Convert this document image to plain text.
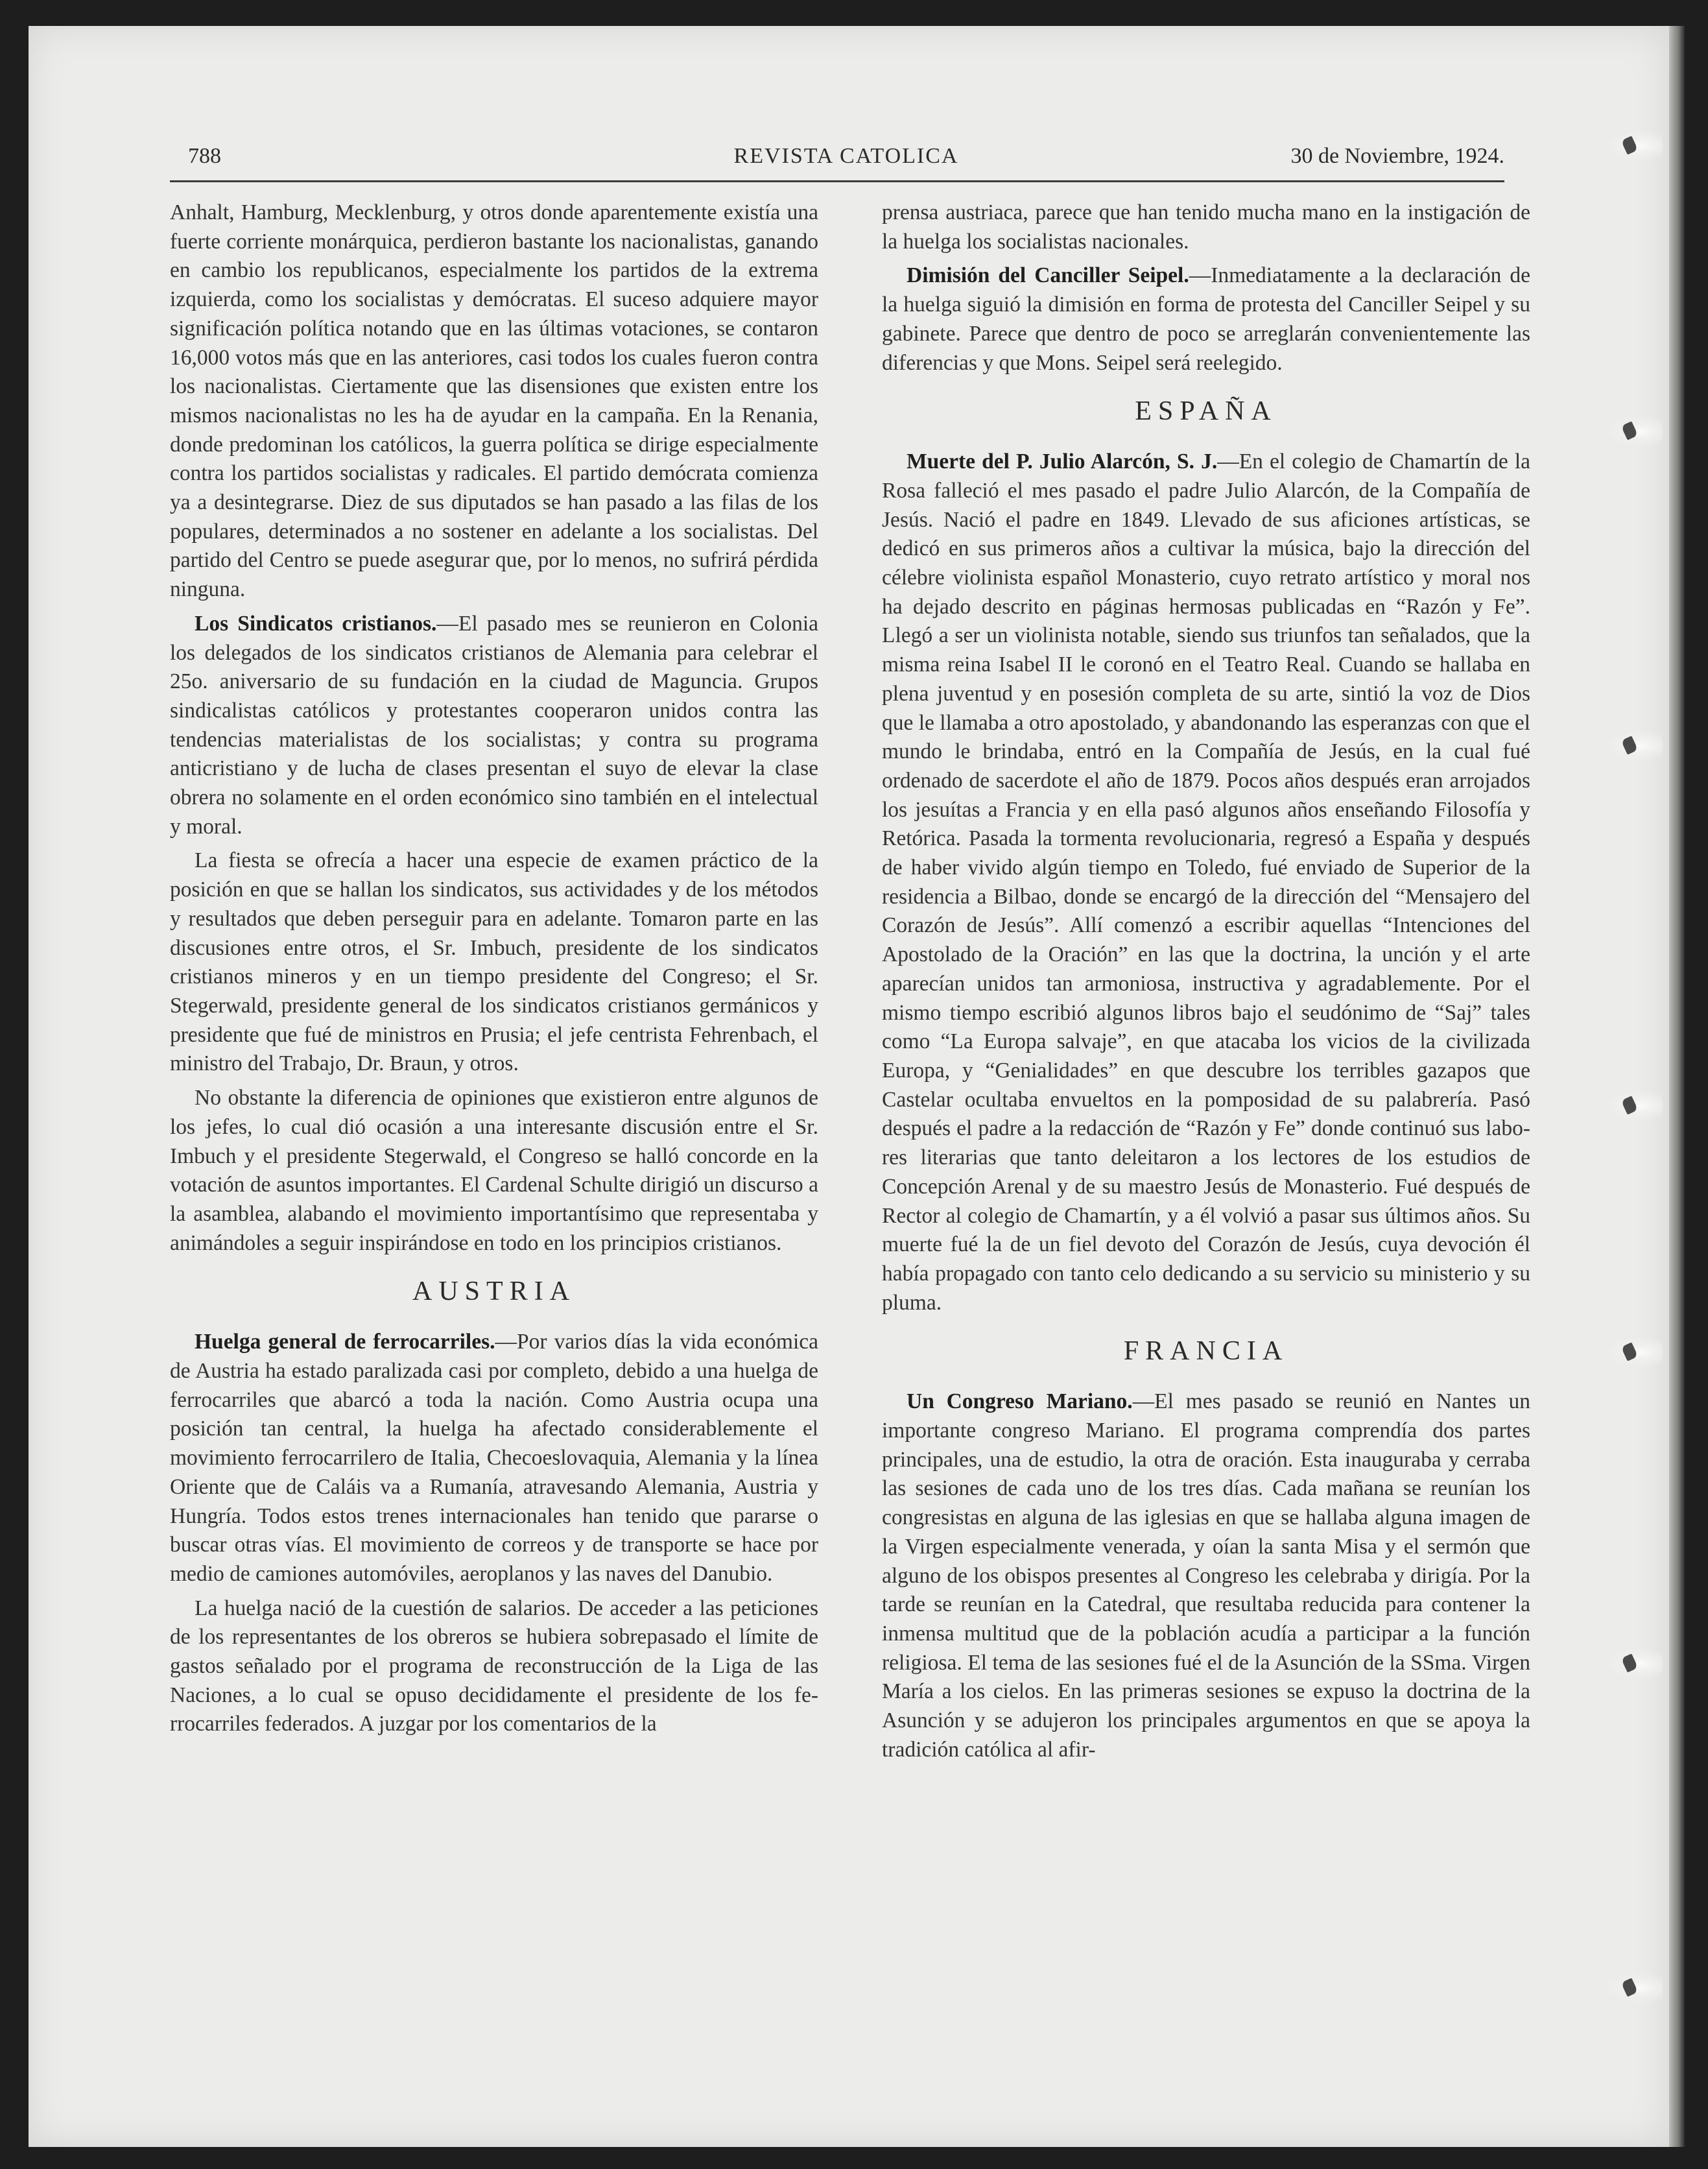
788	REVISTA CATOLICA	30 de Noviembre, 1924.

Anhalt, Hamburg, Mecklenburg, y otros donde aparentemente existía una fuerte corriente monárquica, perdieron bastante los nacionalistas, ganando en cambio los republicanos, especialmente los partidos de la extrema izquierda, como los socialistas y demócratas. El suceso adquiere mayor significación política notando que en las últimas votaciones, se contaron 16,000 votos más que en las anteriores, casi todos los cuales fueron contra los nacionalistas. Ciertamente que las disensiones que existen entre los mismos nacionalistas no les ha de ayudar en la campaña. En la Renania, donde predominan los católicos, la guerra política se dirige especialmente contra los partidos socialistas y radicales. El partido demócrata comienza ya a desintegrarse. Diez de sus diputados se han pasado a las filas de los populares, determinados a no sostener en adelante a los socialistas. Del partido del Centro se puede asegurar que, por lo menos, no sufrirá pérdida ninguna.

Los Sindicatos cristianos.—El pasado mes se reunieron en Colonia los delegados de los sindicatos cristianos de Alemania para celebrar el 25o. aniversario de su fundación en la ciudad de Maguncia. Grupos sindicalistas católicos y protestantes cooperaron unidos contra las tendencias materialistas de los socialistas; y contra su programa anticristiano y de lucha de clases presentan el suyo de elevar la clase obrera no solamente en el orden económico sino también en el intelectual y moral.

La fiesta se ofrecía a hacer una especie de examen práctico de la posición en que se hallan los sindicatos, sus actividades y de los métodos y resultados que deben perseguir para en adelante. Tomaron parte en las discusiones entre otros, el Sr. Imbuch, presidente de los sindicatos cristianos mineros y en un tiempo presidente del Congreso; el Sr. Stegerwald, presidente general de los sindicatos cristianos germánicos y presidente que fué de ministros en Prusia; el jefe centrista Fehrenbach, el ministro del Trabajo, Dr. Braun, y otros.

No obstante la diferencia de opiniones que existieron entre algunos de los jefes, lo cual dió ocasión a una interesante discusión entre el Sr. Imbuch y el presidente Stegerwald, el Congreso se halló concorde en la votación de asuntos importantes. El Cardenal Schulte dirigió un discurso a la asamblea, alabando el movimiento importantísimo que representaba y animándoles a seguir inspirándose en todo en los principios cristianos.

AUSTRIA

Huelga general de ferrocarriles.—Por varios días la vida económica de Austria ha estado paralizada casi por completo, debido a una huelga de ferrocarriles que abarcó a toda la nación. Como Austria ocupa una posición tan central, la huelga ha afectado considerablemente el movimiento ferrocarrilero de Italia, Checoeslovaquia, Alemania y la línea Oriente que de Caláis va a Rumanía, atravesando Alemania, Austria y Hungría. Todos estos trenes internacionales han tenido que pararse o buscar otras vías. El movimiento de correos y de transporte se hace por medio de camiones automóviles, aeroplanos y las naves del Danubio.

La huelga nació de la cuestión de salarios. De acceder a las peticiones de los representantes de los obreros se hubiera sobrepasado el límite de gastos señalado por el programa de reconstrucción de la Liga de las Naciones, a lo cual se opuso decididamente el presidente de los ferrocarriles federados. A juzgar por los comentarios de la

prensa austriaca, parece que han tenido mucha mano en la instigación de la huelga los socialistas nacionales.

Dimisión del Canciller Seipel.—Inmediatamente a la declaración de la huelga siguió la dimisión en forma de protesta del Canciller Seipel y su gabinete. Parece que dentro de poco se arreglarán convenientemente las diferencias y que Mons. Seipel será reelegido.

ESPAÑA

Muerte del P. Julio Alarcón, S. J.—En el colegio de Chamartín de la Rosa falleció el mes pasado el padre Julio Alarcón, de la Compañía de Jesús. Nació el padre en 1849. Llevado de sus aficiones artísticas, se dedicó en sus primeros años a cultivar la música, bajo la dirección del célebre violinista español Monasterio, cuyo retrato artístico y moral nos ha dejado descrito en páginas hermosas publicadas en “Razón y Fe”. Llegó a ser un violinista notable, siendo sus triunfos tan señalados, que la misma reina Isabel II le coronó en el Teatro Real. Cuando se hallaba en plena juventud y en posesión completa de su arte, sintió la voz de Dios que le llamaba a otro apostolado, y abandonando las esperanzas con que el mundo le brindaba, entró en la Compañía de Jesús, en la cual fué ordenado de sacerdote el año de 1879. Pocos años después eran arrojados los jesuítas a Francia y en ella pasó algunos años enseñando Filosofía y Retórica. Pasada la tormenta revolucionaria, regresó a España y después de haber vivido algún tiempo en Toledo, fué enviado de Superior de la residencia a Bilbao, donde se encargó de la dirección del “Mensajero del Corazón de Jesús”. Allí comenzó a escribir aquellas “Intenciones del Apostolado de la Oración” en las que la doctrina, la unción y el arte aparecían unidos tan armoniosa, instructiva y agradablemente. Por el mismo tiempo escribió algunos libros bajo el seudónimo de “Saj” tales como “La Europa salvaje”, en que atacaba los vicios de la civilizada Europa, y “Genialidades” en que descubre los terribles gazapos que Castelar ocultaba envueltos en la pomposidad de su palabrería. Pasó después el padre a la redacción de “Razón y Fe” donde continuó sus labores literarias que tanto deleitaron a los lectores de los estudios de Concepción Arenal y de su maestro Jesús de Monasterio. Fué después de Rector al colegio de Chamartín, y a él volvió a pasar sus últimos años. Su muerte fué la de un fiel devoto del Corazón de Jesús, cuya devoción él había propagado con tanto celo dedicando a su servicio su ministerio y su pluma.

FRANCIA

Un Congreso Mariano.—El mes pasado se reunió en Nantes un importante congreso Mariano. El programa comprendía dos partes principales, una de estudio, la otra de oración. Esta inauguraba y cerraba las sesiones de cada uno de los tres días. Cada mañana se reunían los congresistas en alguna de las iglesias en que se hallaba alguna imagen de la Virgen especialmente venerada, y oían la santa Misa y el sermón que alguno de los obispos presentes al Congreso les celebraba y dirigía. Por la tarde se reunían en la Catedral, que resultaba reducida para contener la inmensa multitud que de la población acudía a participar a la función religiosa. El tema de las sesiones fué el de la Asunción de la SSma. Virgen María a los cielos. En las primeras sesiones se expuso la doctrina de la Asunción y se adujeron los principales argumentos en que se apoya la tradición católica al afir-
